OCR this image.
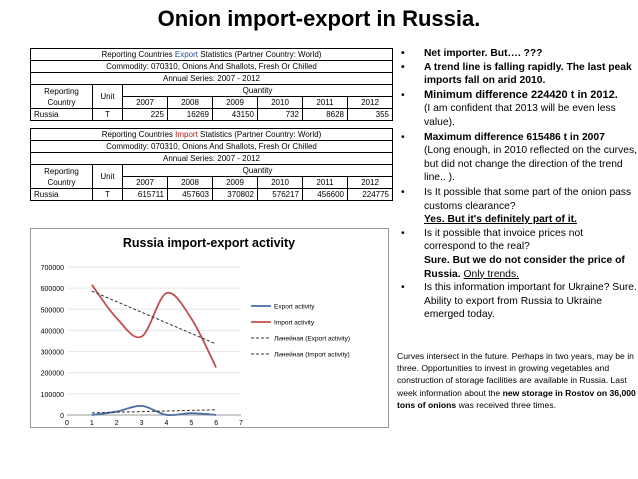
Onion import-export in Russia.
Reporting Countries Export Statistics (Partner Country: World)							
Commodity: 070310, Onions And Shallots, Fresh Or Chilled							
Annual Series: 2007 - 2012							
Reporting Country	Unit	Quantity					
		2007	2008	2009	2010	2011	2012
Russia	T	225	16269	43150	732	8628	355
Reporting Countries Import Statistics (Partner Country: World)							
Commodity: 070310, Onions And Shallots, Fresh Or Chilled							
Annual Series: 2007 - 2012							
Reporting Country	Unit	Quantity					
		2007	2008	2009	2010	2011	2012
Russia	T	615711	457603	370802	576217	456600	224775
Russia import-export activity
0
100000
200000
300000
400000
500000
600000
700000
0	1	2	3	4	5	6	7
Export activity
Import activity
Линейная (Export activity)
Линейная (Import activity)
• Net importer. But…. ???
• A trend line is falling rapidly. The last peak imports fall on arid 2010.
• Minimum difference 224420 t in 2012.
(I am confident that 2013 will be even less value).
• Maximum difference 615486 t in 2007
(Long enough, in 2010 reflected on the curves, but did not change the direction of the trend line.. ).
• Is It possible that some part of the onion pass customs clearance?
Yes. But it's definitely part of it.
• Is it possible that invoice prices not correspond to the real?
Sure. But we do not consider the price of Russia. Only trends.
• Is this information important for Ukraine? Sure. Ability to export from Russia to Ukraine emerged today.
Curves intersect in the future. Perhaps in two years, may be in three. Opportunities to invest in growing vegetables and construction of storage facilities are available in Russia. Last week information about the new storage in Rostov on 36,000 tons of onions was received three times.
